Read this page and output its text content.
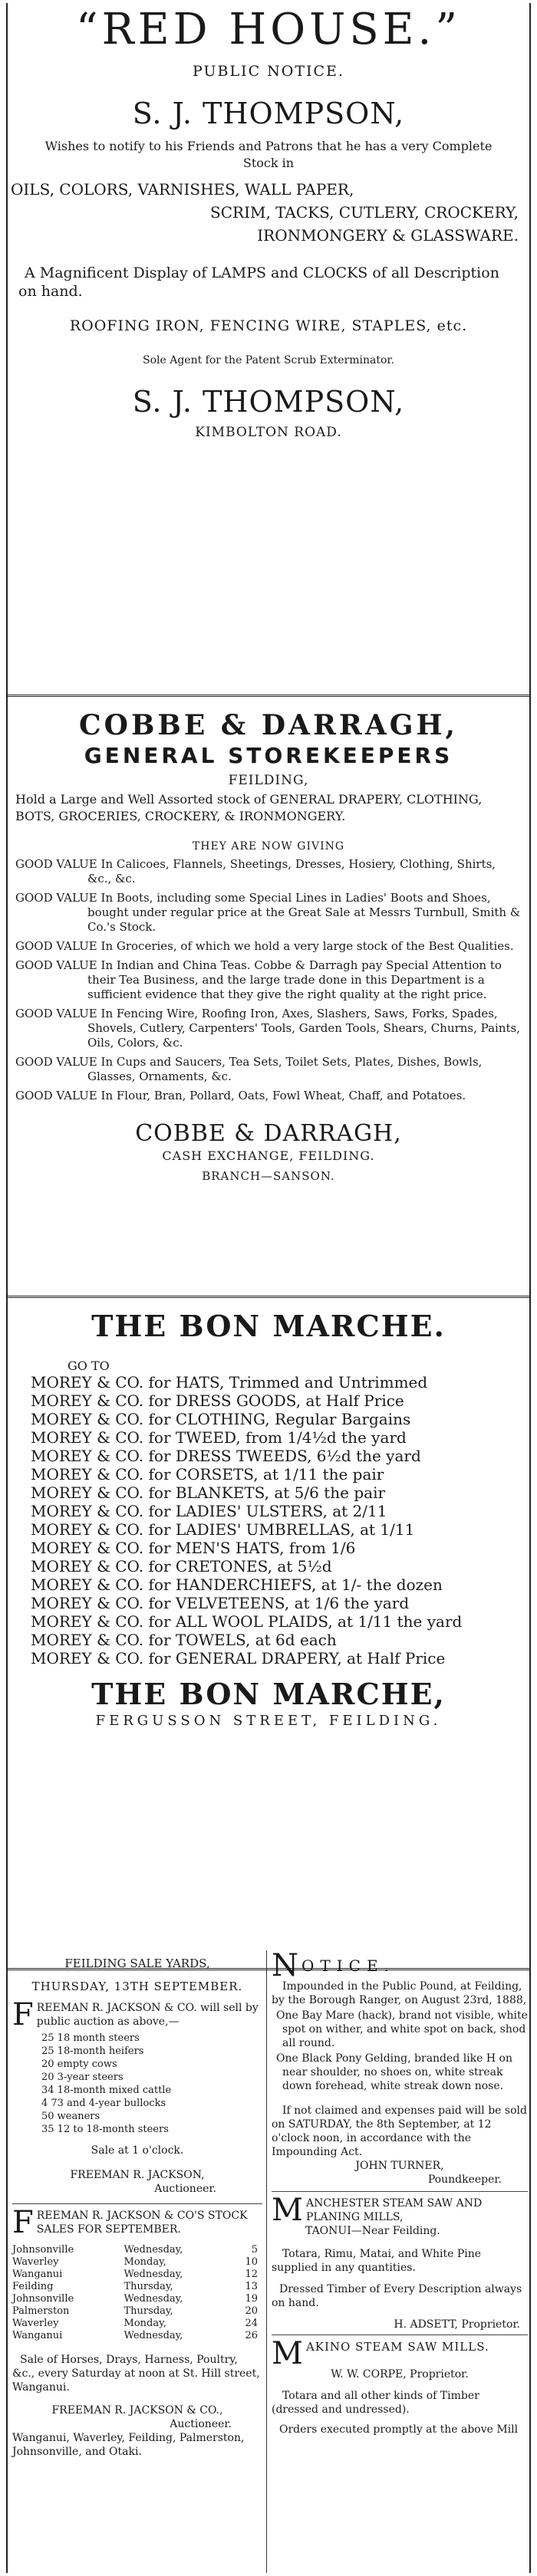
“RED HOUSE.”
PUBLIC NOTICE.
S. J. THOMPSON,
Wishes to notify to his Friends and Patrons that he has a very Complete
Stock in
OILS, COLORS, VARNISHES, WALL PAPER,
SCRIM, TACKS, CUTLERY, CROCKERY,
IRONMONGERY & GLASSWARE.
A Magnificent Display of LAMPS and CLOCKS of all Description on hand.
ROOFING IRON, FENCING WIRE, STAPLES, etc.
Sole Agent for the Patent Scrub Exterminator.
S. J. THOMPSON,
KIMBOLTON ROAD.
COBBE & DARRAGH,
GENERAL STOREKEEPERS
FEILDING,
Hold a Large and Well Assorted stock of GENERAL DRAPERY, CLOTHING, BOTS, GROCERIES, CROCKERY, & IRONMONGERY.
THEY ARE NOW GIVING
GOOD VALUE In Calicoes, Flannels, Sheetings, Dresses, Hosiery, Clothing, Shirts, &c., &c.
GOOD VALUE In Boots, including some Special Lines in Ladies' Boots and Shoes, bought under regular price at the Great Sale at Messrs Turnbull, Smith & Co.'s Stock.
GOOD VALUE In Groceries, of which we hold a very large stock of the Best Qualities.
GOOD VALUE In Indian and China Teas. Cobbe & Darragh pay Special Attention to their Tea Business, and the large trade done in this Department is a sufficient evidence that they give the right quality at the right price.
GOOD VALUE In Fencing Wire, Roofing Iron, Axes, Slashers, Saws, Forks, Spades, Shovels, Cutlery, Carpenters' Tools, Garden Tools, Shears, Churns, Paints, Oils, Colors, &c.
GOOD VALUE In Cups and Saucers, Tea Sets, Toilet Sets, Plates, Dishes, Bowls, Glasses, Ornaments, &c.
GOOD VALUE In Flour, Bran, Pollard, Oats, Fowl Wheat, Chaff, and Potatoes.
COBBE & DARRAGH,
CASH EXCHANGE, FEILDING.
BRANCH—SANSON.
THE BON MARCHE.
GO TO
MOREY & CO. for HATS, Trimmed and Untrimmed
MOREY & CO. for DRESS GOODS, at Half Price
MOREY & CO. for CLOTHING, Regular Bargains
MOREY & CO. for TWEED, from 1/4½d the yard
MOREY & CO. for DRESS TWEEDS, 6½d the yard
MOREY & CO. for CORSETS, at 1/11 the pair
MOREY & CO. for BLANKETS, at 5/6 the pair
MOREY & CO. for LADIES' ULSTERS, at 2/11
MOREY & CO. for LADIES' UMBRELLAS, at 1/11
MOREY & CO. for MEN'S HATS, from 1/6
MOREY & CO. for CRETONES, at 5½d
MOREY & CO. for HANDERCHIEFS, at 1/- the dozen
MOREY & CO. for VELVETEENS, at 1/6 the yard
MOREY & CO. for ALL WOOL PLAIDS, at 1/11 the yard
MOREY & CO. for TOWELS, at 6d each
MOREY & CO. for GENERAL DRAPERY, at Half Price
THE BON MARCHE,
FERGUSSON STREET, FEILDING.
FEILDING SALE YARDS,
THURSDAY, 13TH SEPTEMBER.
F REEMAN R. JACKSON & CO. will sell by public auction as above,—
25 18 month steers
25 18-month heifers
20 empty cows
20 3-year steers
34 18-month mixed cattle
4 73 and 4-year bullocks
50 weaners
35 12 to 18-month steers
Sale at 1 o'clock.
FREEMAN R. JACKSON,
Auctioneer.
F REEMAN R. JACKSON & CO'S STOCK SALES FOR SEPTEMBER.
Johnsonville	Wednesday,	5
Waverley	Monday,	10
Wanganui	Wednesday,	12
Feilding	Thursday,	13
Johnsonville	Wednesday,	19
Palmerston	Thursday,	20
Waverley	Monday,	24
Wanganui	Wednesday,	26
Sale of Horses, Drays, Harness, Poultry, &c., every Saturday at noon at St. Hill street, Wanganui.
FREEMAN R. JACKSON & CO.,
Auctioneer.
Wanganui, Waverley, Feilding, Palmerston, Johnsonville, and Otaki.
N OTICE.
Impounded in the Public Pound, at Feilding, by the Borough Ranger, on August 23rd, 1888,
One Bay Mare (hack), brand not visible, white spot on wither, and white spot on back, shod all round.
One Black Pony Gelding, branded like H on near shoulder, no shoes on, white streak down forehead, white streak down nose.
If not claimed and expenses paid will be sold on SATURDAY, the 8th September, at 12 o'clock noon, in accordance with the Impounding Act.
JOHN TURNER,
Poundkeeper.
M ANCHESTER STEAM SAW AND PLANING MILLS,
TAONUI—Near Feilding.
Totara, Rimu, Matai, and White Pine supplied in any quantities.
Dressed Timber of Every Description always on hand.
H. ADSETT, Proprietor.
M AKINO STEAM SAW MILLS.
W. W. CORPE, Proprietor.
Totara and all other kinds of Timber (dressed and undressed).
Orders executed promptly at the above Mill
